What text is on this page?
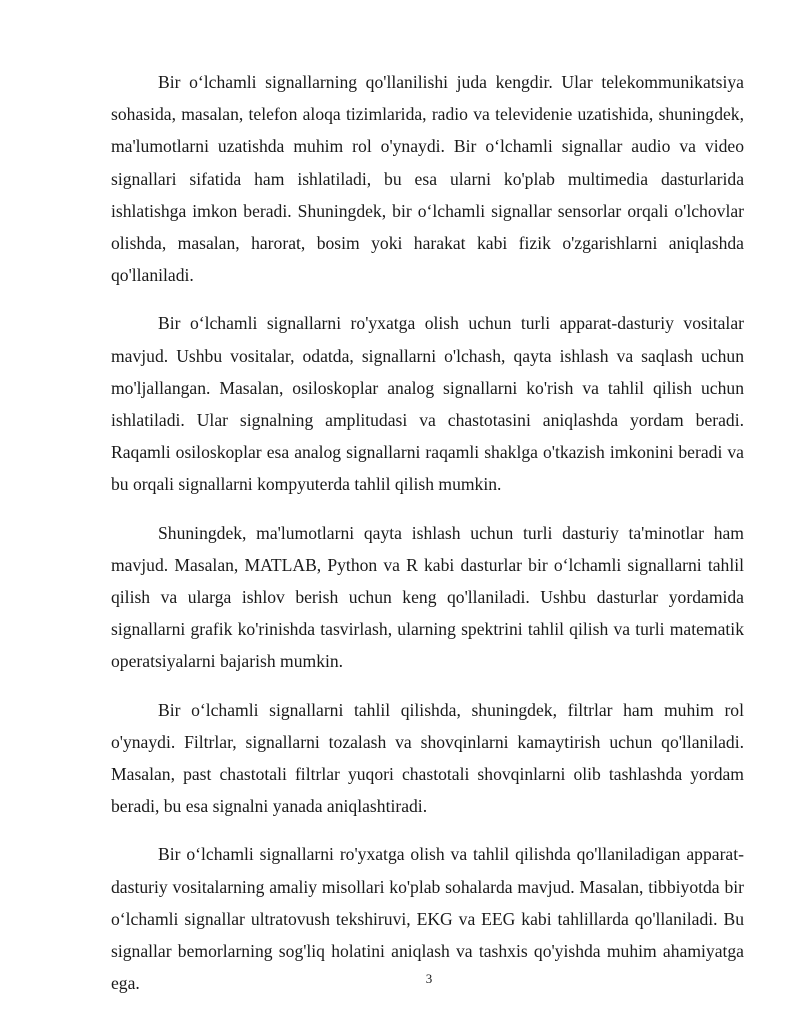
Bir oʻlchamli signallarning qo'llanilishi juda kengdir. Ular telekommunikatsiya sohasida, masalan, telefon aloqa tizimlarida, radio va televidenie uzatishida, shuningdek, ma'lumotlarni uzatishda muhim rol o'ynaydi. Bir oʻlchamli signallar audio va video signallari sifatida ham ishlatiladi, bu esa ularni ko'plab multimedia dasturlarida ishlatishga imkon beradi. Shuningdek, bir oʻlchamli signallar sensorlar orqali o'lchovlar olishda, masalan, harorat, bosim yoki harakat kabi fizik o'zgarishlarni aniqlashda qo'llaniladi.

Bir oʻlchamli signallarni ro'yxatga olish uchun turli apparat-dasturiy vositalar mavjud. Ushbu vositalar, odatda, signallarni o'lchash, qayta ishlash va saqlash uchun mo'ljallangan. Masalan, osiloskoplar analog signallarni ko'rish va tahlil qilish uchun ishlatiladi. Ular signalning amplitudasi va chastotasini aniqlashda yordam beradi. Raqamli osiloskoplar esa analog signallarni raqamli shaklga o'tkazish imkonini beradi va bu orqali signallarni kompyuterda tahlil qilish mumkin.

Shuningdek, ma'lumotlarni qayta ishlash uchun turli dasturiy ta'minotlar ham mavjud. Masalan, MATLAB, Python va R kabi dasturlar bir oʻlchamli signallarni tahlil qilish va ularga ishlov berish uchun keng qo'llaniladi. Ushbu dasturlar yordamida signallarni grafik ko'rinishda tasvirlash, ularning spektrini tahlil qilish va turli matematik operatsiyalarni bajarish mumkin.

Bir oʻlchamli signallarni tahlil qilishda, shuningdek, filtrlar ham muhim rol o'ynaydi. Filtrlar, signallarni tozalash va shovqinlarni kamaytirish uchun qo'llaniladi. Masalan, past chastotali filtrlar yuqori chastotali shovqinlarni olib tashlashda yordam beradi, bu esa signalni yanada aniqlashtiradi.

Bir oʻlchamli signallarni ro'yxatga olish va tahlil qilishda qo'llaniladigan apparat-dasturiy vositalarning amaliy misollari ko'plab sohalarda mavjud. Masalan, tibbiyotda bir oʻlchamli signallar ultratovush tekshiruvi, EKG va EEG kabi tahlillarda qo'llaniladi. Bu signallar bemorlarning sog'liq holatini aniqlash va tashxis qo'yishda muhim ahamiyatga ega.	3
